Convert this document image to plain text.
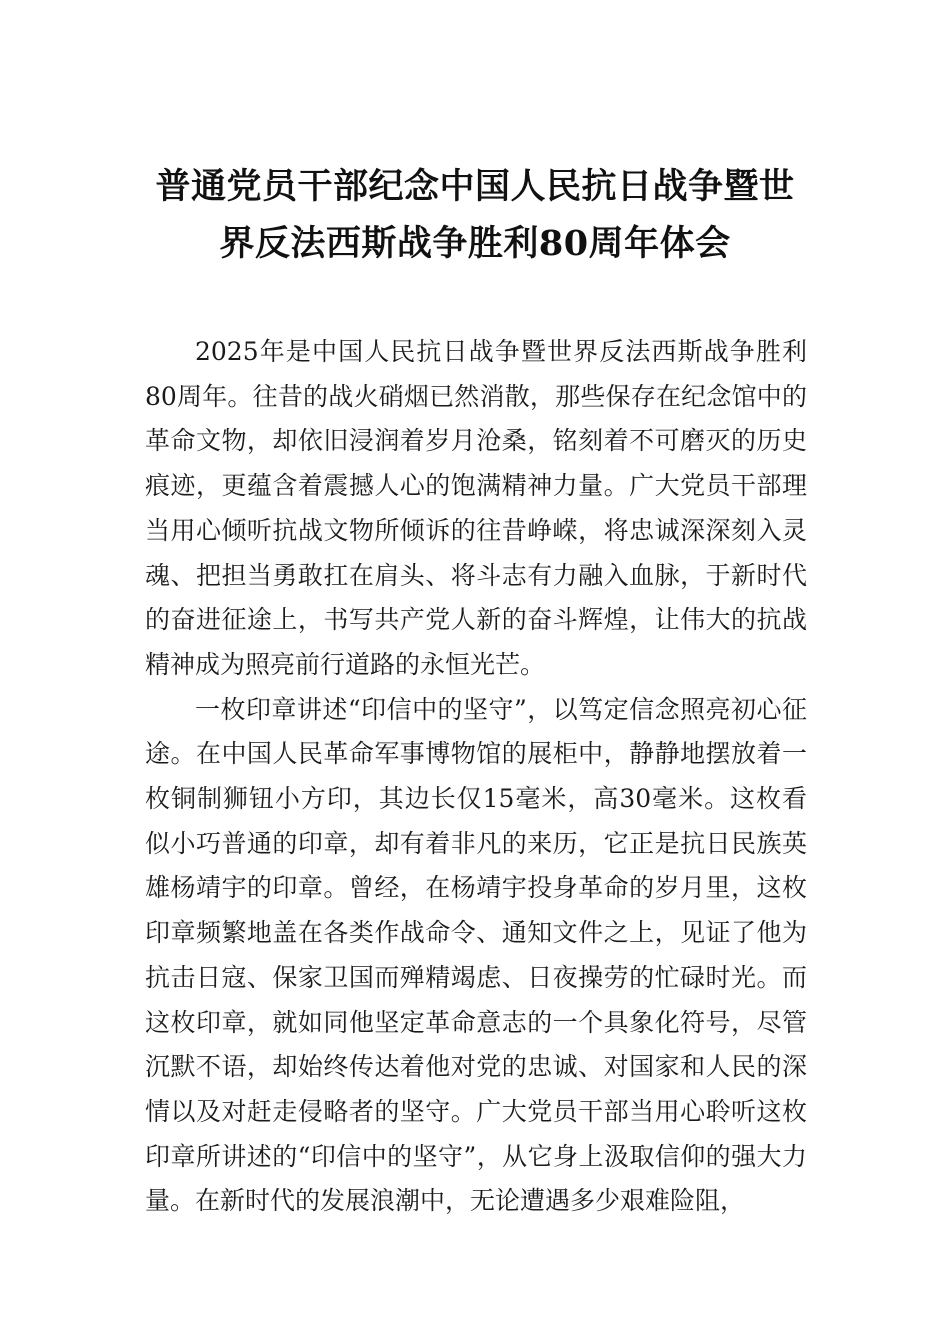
普通党员干部纪念中国人民抗日战争暨世
界反法西斯战争胜利80周年体会

2025年是中国人民抗日战争暨世界反法西斯战争胜利80周年。往昔的战火硝烟已然消散，那些保存在纪念馆中的革命文物，却依旧浸润着岁月沧桑，铭刻着不可磨灭的历史痕迹，更蕴含着震撼人心的饱满精神力量。广大党员干部理当用心倾听抗战文物所倾诉的往昔峥嵘，将忠诚深深刻入灵魂、把担当勇敢扛在肩头、将斗志有力融入血脉，于新时代的奋进征途上，书写共产党人新的奋斗辉煌，让伟大的抗战精神成为照亮前行道路的永恒光芒。

一枚印章讲述“印信中的坚守”，以笃定信念照亮初心征途。在中国人民革命军事博物馆的展柜中，静静地摆放着一枚铜制狮钮小方印，其边长仅15毫米，高30毫米。这枚看似小巧普通的印章，却有着非凡的来历，它正是抗日民族英雄杨靖宇的印章。曾经，在杨靖宇投身革命的岁月里，这枚印章频繁地盖在各类作战命令、通知文件之上，见证了他为抗击日寇、保家卫国而殚精竭虑、日夜操劳的忙碌时光。而这枚印章，就如同他坚定革命意志的一个具象化符号，尽管沉默不语，却始终传达着他对党的忠诚、对国家和人民的深情以及对赶走侵略者的坚守。广大党员干部当用心聆听这枚印章所讲述的“印信中的坚守”，从它身上汲取信仰的强大力量。在新时代的发展浪潮中，无论遭遇多少艰难险阻，
